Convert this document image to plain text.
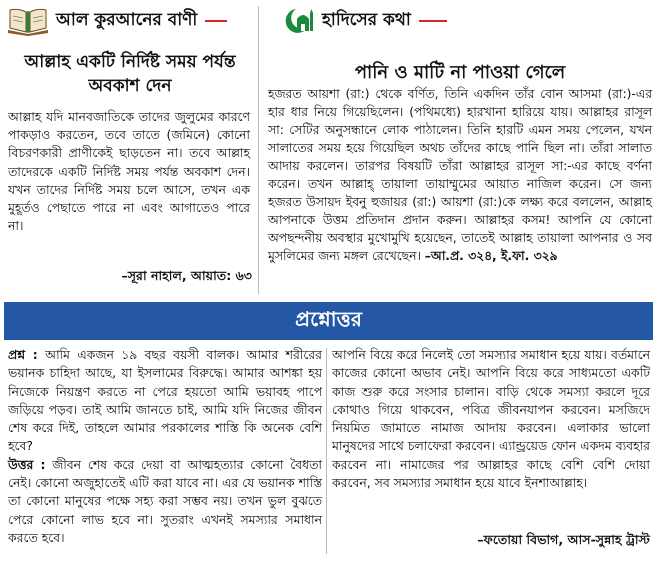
আল কুরআনের বাণী	হাদিসের কথা
আল্লাহ একটি নির্দিষ্ট সময় পর্যন্ত অবকাশ দেন
আল্লাহ যদি মানবজাতিকে তাদের জুলুমের কারণে পাকড়াও করতেন, তবে তাতে (জমিনে) কোনো বিচরণকারী প্রাণীকেই ছাড়তেন না। তবে আল্লাহ তাদেরকে একটি নির্দিষ্ট সময় পর্যন্ত অবকাশ দেন। যখন তাদের নির্দিষ্ট সময় চলে আসে, তখন এক মুহূর্তও পেছাতে পারে না এবং আগাতেও পারে না।
–সূরা নাহাল, আয়াত: ৬৩
পানি ও মাটি না পাওয়া গেলে
হজরত আয়শা (রা:) থেকে বর্ণিত, তিনি একদিন তাঁর বোন আসমা (রা:)-এর হার ধার নিয়ে গিয়েছিলেন। (পথিমধ্যে) হারখানা হারিয়ে যায়। আল্লাহর রাসূল সা: সেটির অনুসন্ধানে লোক পাঠালেন। তিনি হারটি এমন সময় পেলেন, যখন সালাতের সময় হয়ে গিয়েছিল অথচ তাঁদের কাছে পানি ছিল না। তাঁরা সালাত আদায় করলেন। তারপর বিষয়টি তাঁরা আল্লাহর রাসূল সা:-এর কাছে বর্ণনা করেন। তখন আল্লাহ্‌ তায়ালা তায়াম্মুমের আয়াত নাজিল করেন। সে জন্য হজরত উসায়দ ইবনু হুজায়র (রা:) আয়শা (রা:)কে লক্ষ্য করে বললেন, আল্লাহ আপনাকে উত্তম প্রতিদান প্রদান করুন। আল্লাহর কসম! আপনি যে কোনো অপছন্দনীয় অবস্থার মুখোমুখি হয়েছেন, তাতেই আল্লাহ তায়ালা আপনার ও সব মুসলিমের জন্য মঙ্গল রেখেছেন। –আ.প্র. ৩২৪, ই.ফা. ৩২৯
প্রশ্নোত্তর

প্রশ্ন : আমি একজন ১৯ বছর বয়সী বালক। আমার শরীরের ভয়ানক চাহিদা আছে, যা ইসলামের বিরুদ্ধে। আমার আশঙ্কা হয় নিজেকে নিয়ন্ত্রণ করতে না পেরে হয়তো আমি ভয়াবহ পাপে জড়িয়ে পড়ব। তাই আমি জানতে চাই, আমি যদি নিজের জীবন শেষ করে দিই, তাহলে আমার পরকালের শাস্তি কি অনেক বেশি হবে?

উত্তর : জীবন শেষ করে দেয়া বা আত্মহত্যার কোনো বৈধতা নেই। কোনো অজুহাতেই এটি করা যাবে না। এর যে ভয়ানক শাস্তি তা কোনো মানুষের পক্ষে সহ্য করা সম্ভব নয়। তখন ভুল বুঝতে পেরে কোনো লাভ হবে না। সুতরাং এখনই সমস্যার সমাধান করতে হবে।

আপনি বিয়ে করে নিলেই তো সমস্যার সমাধান হয়ে যায়। বর্তমানে কাজের কোনো অভাব নেই। আপনি বিয়ে করে সাধ্যমতো একটি কাজ শুরু করে সংসার চালান। বাড়ি থেকে সমস্যা করলে দূরে কোথাও গিয়ে থাকবেন, পবিত্র জীবনযাপন করবেন। মসজিদে নিয়মিত জামাতে নামাজ আদায় করবেন। এলাকার ভালো মানুষদের সাথে চলাফেরা করবেন। এ্যান্ড্রয়েড ফোন একদম ব্যবহার করবেন না। নামাজের পর আল্লাহর কাছে বেশি বেশি দোয়া করবেন, সব সমস্যার সমাধান হয়ে যাবে ইনশাআল্লাহ।

–ফতোয়া বিভাগ, আস-সুন্নাহ ট্রাস্ট
